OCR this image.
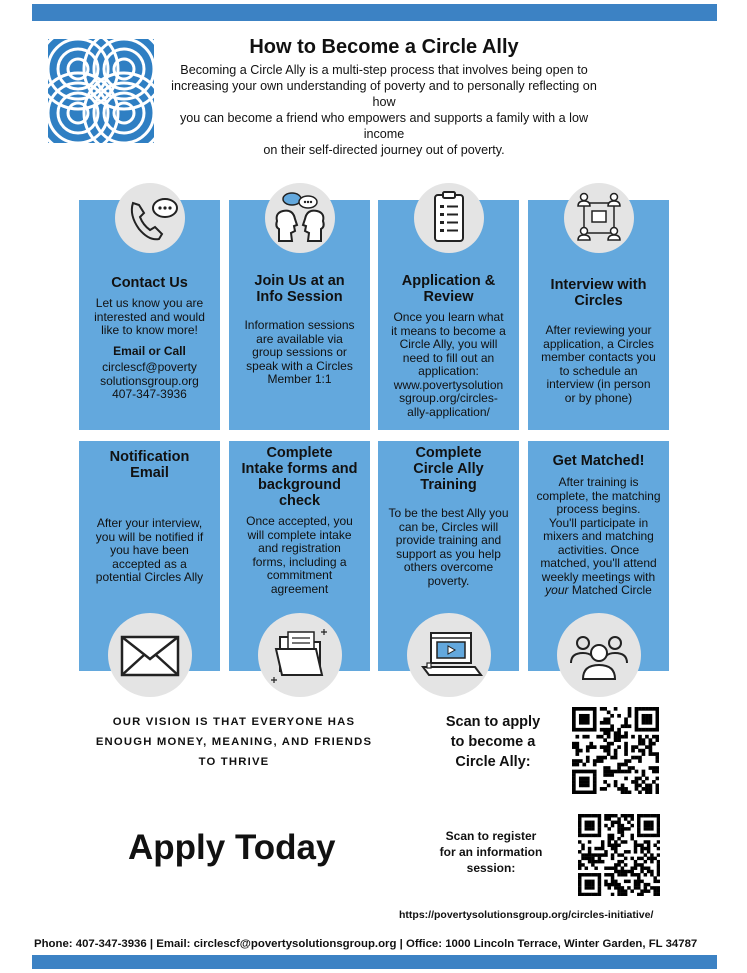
How to Become a Circle Ally
Becoming a Circle Ally is a multi-step process that involves being open to
increasing your own understanding of poverty and to personally reflecting on how
you can become a friend who empowers and supports a family with a low income
on their self-directed journey out of poverty.
Contact Us
Let us know you are
interested and would
like to know more!
Email or Call
circlescf@poverty
solutionsgroup.org
407-347-3936
Join Us at an
Info Session
Information sessions
are available via
group sessions or
speak with a Circles
Member 1:1
Application &
Review
Once you learn what
it means to become a
Circle Ally, you will
need to fill out an
application:
www.povertysolution
sgroup.org/circles-
ally-application/
Interview with
Circles
After reviewing your
application, a Circles
member contacts you
to schedule an
interview (in person
or by phone)
Notification
Email
After your interview,
you will be notified if
you have been
accepted as a
potential Circles Ally
Complete
Intake forms and
background
check
Once accepted, you
will complete intake
and registration
forms, including a
commitment
agreement
Complete
Circle Ally
Training
To be the best Ally you
can be, Circles will
provide training and
support as you help
others overcome
poverty.
Get Matched!
After training is
complete, the matching
process begins.
You'll participate in
mixers and matching
activities. Once
matched, you'll attend
weekly meetings with
your Matched Circle
OUR VISION IS THAT EVERYONE HAS
ENOUGH MONEY, MEANING, AND FRIENDS
TO THRIVE
Scan to apply
to become a
Circle Ally:
Apply Today	Scan to register
for an information
session:
https://povertysolutionsgroup.org/circles-initiative/
Phone: 407-347-3936 | Email: circlescf@povertysolutionsgroup.org | Office: 1000 Lincoln Terrace, Winter Garden, FL 34787
